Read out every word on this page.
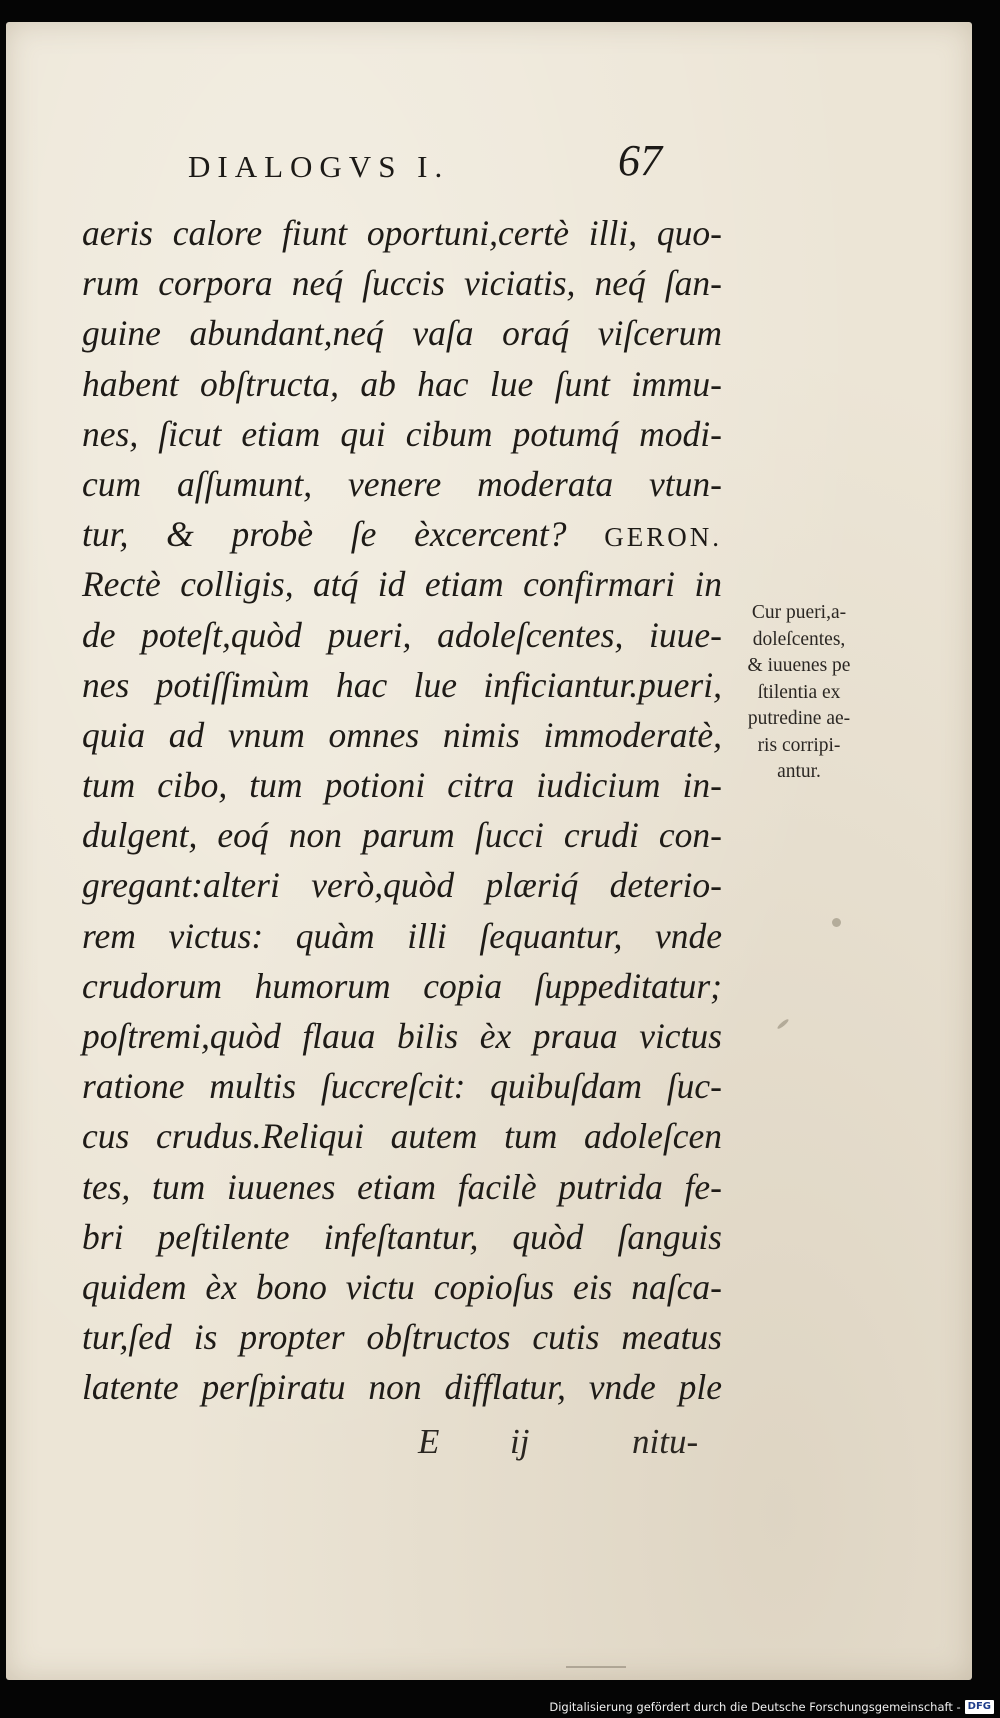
DIALOGVS I.	67
aeris calore fiunt oportuni,certè illi, quo-
rum corpora neq́ ſuccis viciatis, neq́ ſan-
guine abundant,neq́ vaſa oraq́ viſcerum
habent obſtructa, ab hac lue ſunt immu-
nes, ſicut etiam qui cibum potumq́ modi-
cum aſſumunt, venere moderata vtun-
tur, & probè ſe èxcercent? GERON.
Rectè colligis, atq́ id etiam confirmari in
de poteſt,quòd pueri, adoleſcentes, iuue-
nes potiſſimùm hac lue inficiantur.pueri,
quia ad vnum omnes nimis immoderatè,
tum cibo, tum potioni citra iudicium in-
dulgent, eoq́ non parum ſucci crudi con-
gregant:alteri verò,quòd plæriq́ deterio-
rem victus: quàm illi ſequantur, vnde
crudorum humorum copia ſuppeditatur;
poſtremi,quòd flaua bilis èx praua victus
ratione multis ſuccreſcit: quibuſdam ſuc-
cus crudus.Reliqui autem tum adoleſcen
tes, tum iuuenes etiam facilè putrida fe-
bri peſtilente infeſtantur, quòd ſanguis
quidem èx bono victu copioſus eis naſca-
tur,ſed is propter obſtructos cutis meatus
latente perſpiratu non difflatur, vnde ple
E ij	nitu-
Cur pueri,a-
doleſcentes,
& iuuenes pe
ſtilentia ex
putredine ae-
ris corripi-
antur.
Digitalisierung gefördert durch die Deutsche Forschungsgemeinschaft - DFG
